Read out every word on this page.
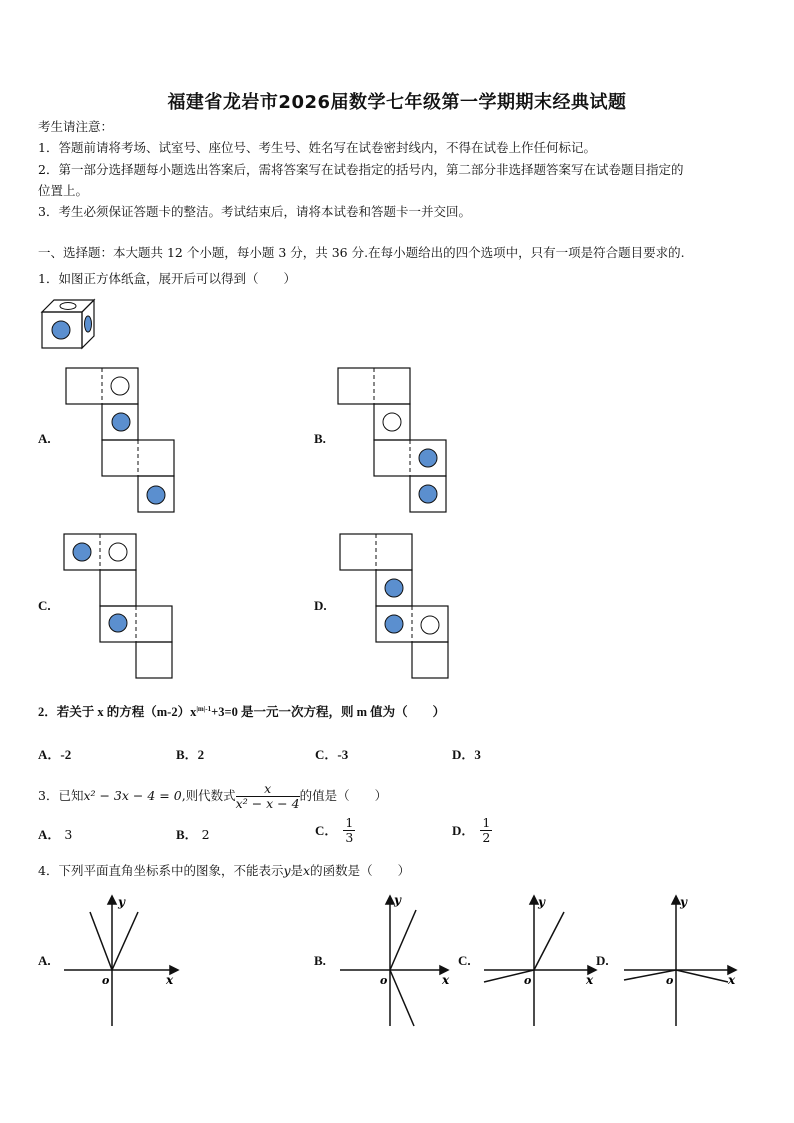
福建省龙岩市2026届数学七年级第一学期期末经典试题
考生请注意：
1．答题前请将考场、试室号、座位号、考生号、姓名写在试卷密封线内，不得在试卷上作任何标记。
2．第一部分选择题每小题选出答案后，需将答案写在试卷指定的括号内，第二部分非选择题答案写在试卷题目指定的
位置上。
3．考生必须保证答题卡的整洁。考试结束后，请将本试卷和答题卡一并交回。
一、选择题：本大题共 12 个小题，每小题 3 分，共 36 分.在每小题给出的四个选项中，只有一项是符合题目要求的.
1．如图正方体纸盒，展开后可以得到（　　）
A.	B.
C.	D.
2．若关于 x 的方程$(m-2)x^{|m|-1}+3=0$ 是一元一次方程，则 m 值为（　　）
A．-2	B．2	C．-3	D．3
3．已知 x² − 3x − 4 = 0 ,则代数式 $\frac{x}{\text{x² − x − 4}}$ 的值是（　　）
A． 3	B． 2	C． $\frac{1}{3}$	D． $\frac{1}{2}$
4．下列平面直角坐标系中的图象，不能表示y是x的函数是（　　）
A.	B.	C.	D.
y
x
o
y
x
o
y
x
o
y
x
o
